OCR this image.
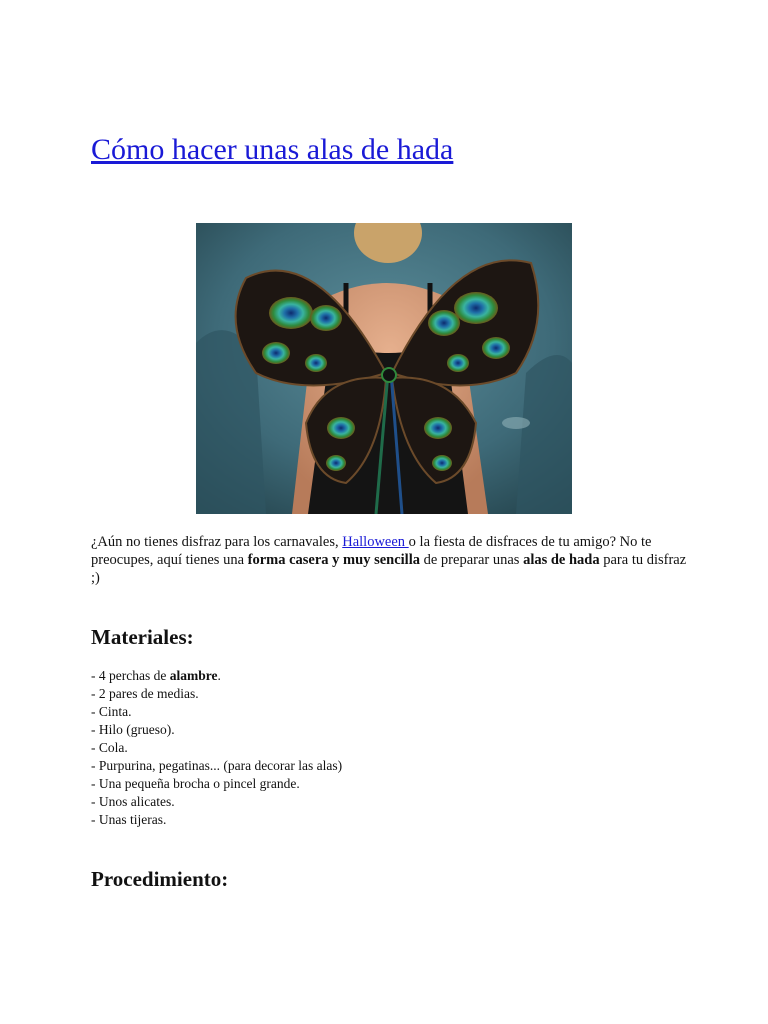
Cómo hacer unas alas de hada

¿Aún no tienes disfraz para los carnavales, Halloween o la fiesta de disfraces de tu amigo? No te preocupes, aquí tienes una forma casera y muy sencilla de preparar unas alas de hada para tu disfraz ;)

Materiales:
- 4 perchas de alambre.
- 2 pares de medias.
- Cinta.
- Hilo (grueso).
- Cola.
- Purpurina, pegatinas... (para decorar las alas)
- Una pequeña brocha o pincel grande.
- Unos alicates.
- Unas tijeras.
Procedimiento:
